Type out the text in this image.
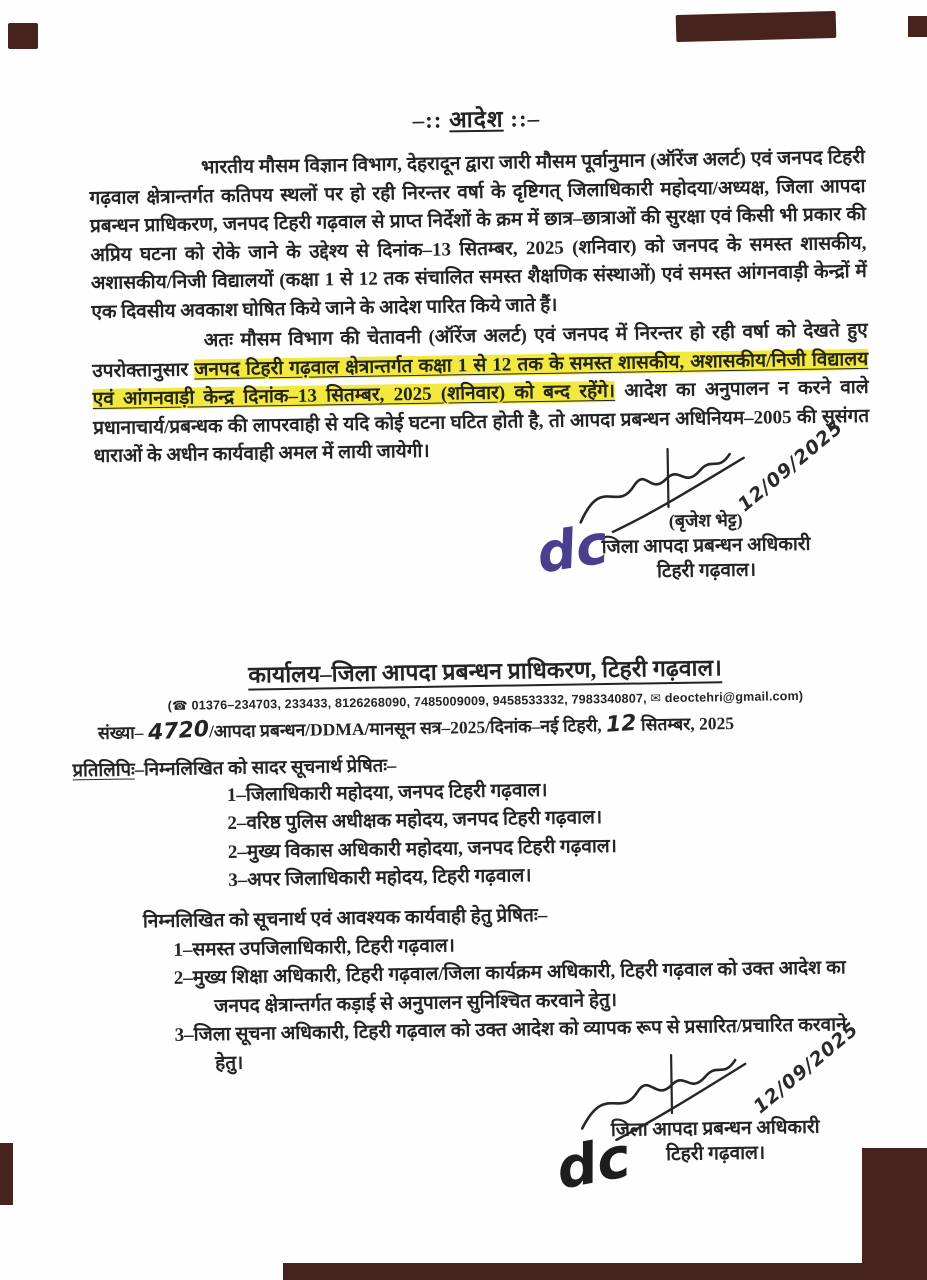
–:: आदेश ::–

भारतीय मौसम विज्ञान विभाग, देहरादून द्वारा जारी मौसम पूर्वानुमान (ऑरेंज अलर्ट) एवं जनपद टिहरी गढ़वाल क्षेत्रान्तर्गत कतिपय स्थलों पर हो रही निरन्तर वर्षा के दृष्टिगत् जिलाधिकारी महोदया/अध्यक्ष, जिला आपदा प्रबन्धन प्राधिकरण, जनपद टिहरी गढ़वाल से प्राप्त निर्देशों के क्रम में छात्र–छात्राओं की सुरक्षा एवं किसी भी प्रकार की अप्रिय घटना को रोके जाने के उद्देश्य से दिनांक–13 सितम्बर, 2025 (शनिवार) को जनपद के समस्त शासकीय, अशासकीय/निजी विद्यालयों (कक्षा 1 से 12 तक संचालित समस्त शैक्षणिक संस्थाओं) एवं समस्त आंगनवाड़ी केन्द्रों में एक दिवसीय अवकाश घोषित किये जाने के आदेश पारित किये जाते हैं।

अतः मौसम विभाग की चेतावनी (ऑरेंज अलर्ट) एवं जनपद में निरन्तर हो रही वर्षा को देखते हुए उपरोक्तानुसार जनपद टिहरी गढ़वाल क्षेत्रान्तर्गत कक्षा 1 से 12 तक के समस्त शासकीय, अशासकीय/निजी विद्यालय एवं आंगनवाड़ी केन्द्र दिनांक–13 सितम्बर, 2025 (शनिवार) को बन्द रहेंगे। आदेश का अनुपालन न करने वाले प्रधानाचार्य/प्रबन्धक की लापरवाही से यदि कोई घटना घटित होती है, तो आपदा प्रबन्धन अधिनियम–2005 की सुसंगत धाराओं के अधीन कार्यवाही अमल में लायी जायेगी।	12/09/2025
dc	(बृजेश भेट्ट)
जिला आपदा प्रबन्धन अधिकारी
टिहरी गढ़वाल।
कार्यालय–जिला आपदा प्रबन्धन प्राधिकरण, टिहरी गढ़वाल।
(☎ 01376–234703, 233433, 8126268090, 7485009009, 9458533332, 7983340807, ✉ deoctehri@gmail.com)
संख्या– 4720/आपदा प्रबन्धन/DDMA/मानसून सत्र–2025/दिनांक–नई टिहरी, 12 सितम्बर, 2025
प्रतिलिपिः–निम्नलिखित को सादर सूचनार्थ प्रेषितः–
1–जिलाधिकारी महोदया, जनपद टिहरी गढ़वाल।
2–वरिष्ठ पुलिस अधीक्षक महोदय, जनपद टिहरी गढ़वाल।
2–मुख्य विकास अधिकारी महोदया, जनपद टिहरी गढ़वाल।
3–अपर जिलाधिकारी महोदय, टिहरी गढ़वाल।
निम्नलिखित को सूचनार्थ एवं आवश्यक कार्यवाही हेतु प्रेषितः–
1–समस्त उपजिलाधिकारी, टिहरी गढ़वाल।
2–मुख्य शिक्षा अधिकारी, टिहरी गढ़वाल/जिला कार्यक्रम अधिकारी, टिहरी गढ़वाल को उक्त आदेश का जनपद क्षेत्रान्तर्गत कड़ाई से अनुपालन सुनिश्चित करवाने हेतु।
3–जिला सूचना अधिकारी, टिहरी गढ़वाल को उक्त आदेश को व्यापक रूप से प्रसारित/प्रचारित करवाने हेतु।	12/09/2025
dc
जिला आपदा प्रबन्धन अधिकारी
टिहरी गढ़वाल।
